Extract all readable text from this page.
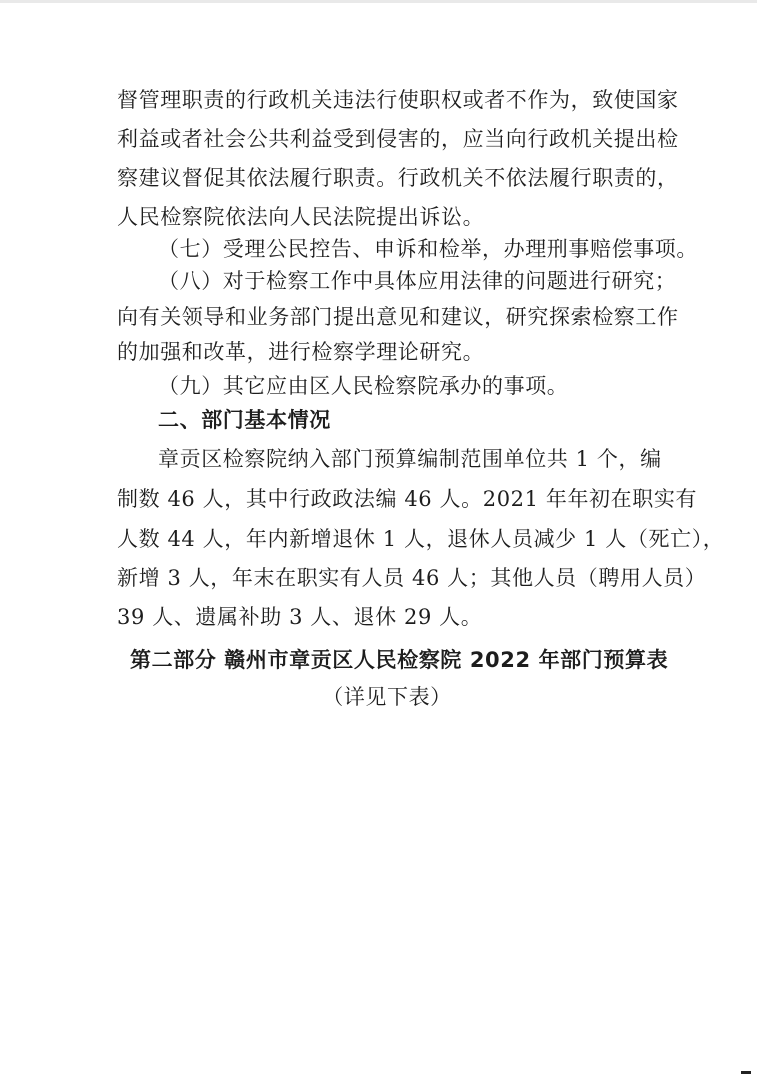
督管理职责的行政机关违法行使职权或者不作为，致使国家
利益或者社会公共利益受到侵害的，应当向行政机关提出检
察建议督促其依法履行职责。行政机关不依法履行职责的，
人民检察院依法向人民法院提出诉讼。
（七）受理公民控告、申诉和检举，办理刑事赔偿事项。
（八）对于检察工作中具体应用法律的问题进行研究；
向有关领导和业务部门提出意见和建议，研究探索检察工作
的加强和改革，进行检察学理论研究。
（九）其它应由区人民检察院承办的事项。
二、部门基本情况
章贡区检察院纳入部门预算编制范围单位共 1 个，编
制数 46 人，其中行政政法编 46 人。2021 年年初在职实有
人数 44 人，年内新增退休 1 人，退休人员减少 1 人（死亡），
新增 3 人，年末在职实有人员 46 人；其他人员（聘用人员）
39 人、遗属补助 3 人、退休 29 人。
第二部分 赣州市章贡区人民检察院 2022 年部门预算表
（详见下表）
